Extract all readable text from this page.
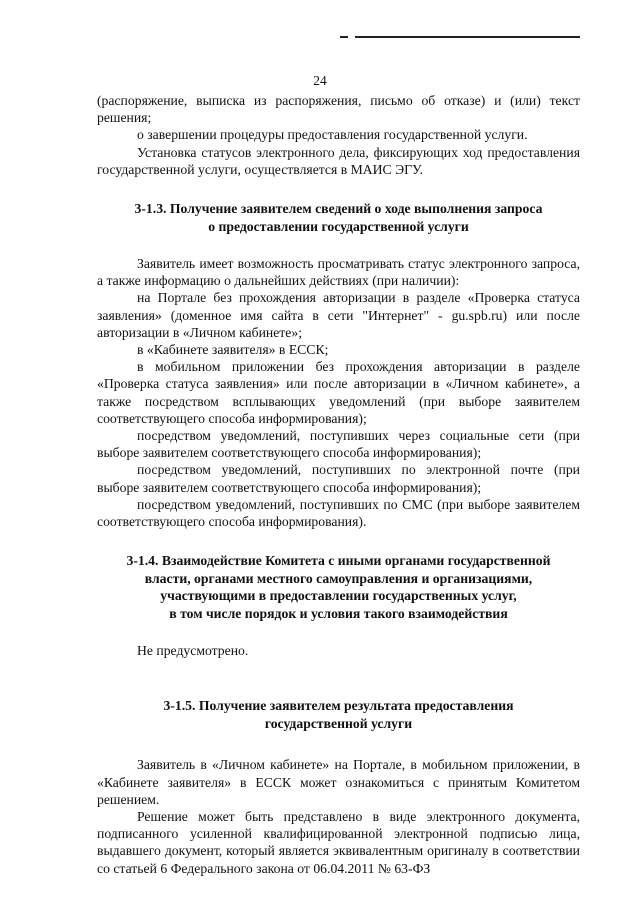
24

(распоряжение, выписка из распоряжения, письмо об отказе) и (или) текст решения;

о завершении процедуры предоставления государственной услуги.

Установка статусов электронного дела, фиксирующих ход предоставления государственной услуги, осуществляется в МАИС ЭГУ.

3-1.3. Получение заявителем сведений о ходе выполнения запроса

о предоставлении государственной услуги

Заявитель имеет возможность просматривать статус электронного запроса, а также информацию о дальнейших действиях (при наличии):

на Портале без прохождения авторизации в разделе «Проверка статуса заявления» (доменное имя сайта в сети "Интернет" - gu.spb.ru) или после авторизации в «Личном кабинете»;

в «Кабинете заявителя» в ЕССК;

в мобильном приложении без прохождения авторизации в разделе «Проверка статуса заявления» или после авторизации в «Личном кабинете», а также посредством всплывающих уведомлений (при выборе заявителем соответствующего способа информирования);

посредством уведомлений, поступивших через социальные сети (при выборе заявителем соответствующего способа информирования);

посредством уведомлений, поступивших по электронной почте (при выборе заявителем соответствующего способа информирования);

посредством уведомлений, поступивших по СМС (при выборе заявителем соответствующего способа информирования).

3-1.4. Взаимодействие Комитета с иными органами государственной

власти, органами местного самоуправления и организациями,

участвующими в предоставлении государственных услуг,

в том числе порядок и условия такого взаимодействия

Не предусмотрено.

3-1.5. Получение заявителем результата предоставления

государственной услуги

Заявитель в «Личном кабинете» на Портале, в мобильном приложении, в «Кабинете заявителя» в ЕССК может ознакомиться с принятым Комитетом решением.

Решение может быть представлено в виде электронного документа, подписанного усиленной квалифицированной электронной подписью лица, выдавшего документ, который является эквивалентным оригиналу в соответствии со статьей 6 Федерального закона от 06.04.2011 № 63-ФЗ
